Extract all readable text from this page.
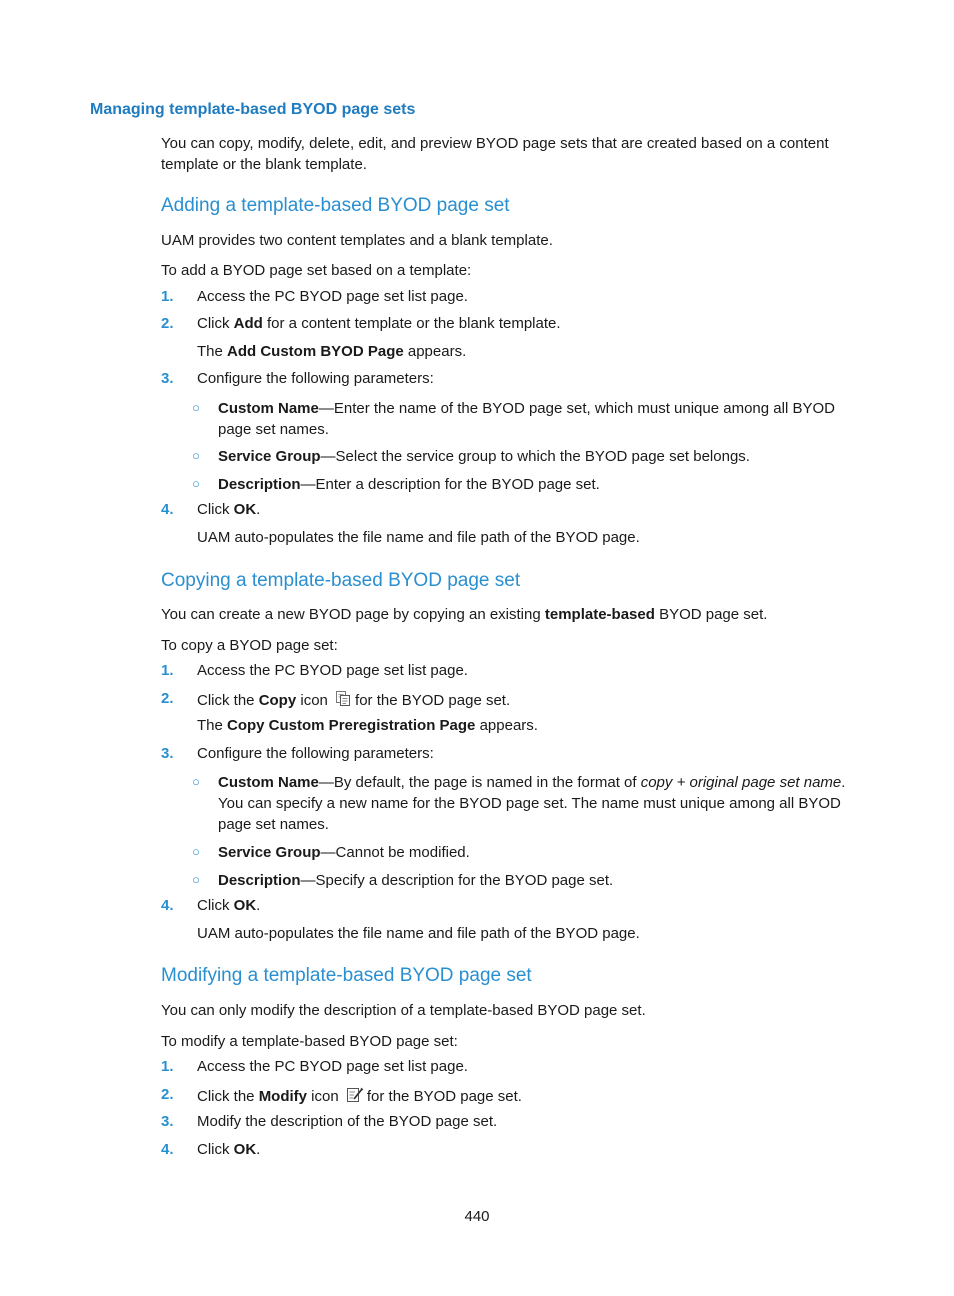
Managing template-based BYOD page sets
You can copy, modify, delete, edit, and preview BYOD page sets that are created based on a content template or the blank template.
Adding a template-based BYOD page set
UAM provides two content templates and a blank template.
To add a BYOD page set based on a template:
1.	Access the PC BYOD page set list page.
2.	Click Add for a content template or the blank template.
The Add Custom BYOD Page appears.
3.	Configure the following parameters:
○ Custom Name—Enter the name of the BYOD page set, which must unique among all BYOD page set names.
○ Service Group—Select the service group to which the BYOD page set belongs.
○ Description—Enter a description for the BYOD page set.
4.	Click OK.
UAM auto-populates the file name and file path of the BYOD page.
Copying a template-based BYOD page set
You can create a new BYOD page by copying an existing template-based BYOD page set.
To copy a BYOD page set:
1.	Access the PC BYOD page set list page.
2.	Click the Copy icon for the BYOD page set.
The Copy Custom Preregistration Page appears.
3.	Configure the following parameters:
○ Custom Name—By default, the page is named in the format of copy + original page set name. You can specify a new name for the BYOD page set. The name must unique among all BYOD page set names.
○ Service Group—Cannot be modified.
○ Description—Specify a description for the BYOD page set.
4.	Click OK.
UAM auto-populates the file name and file path of the BYOD page.
Modifying a template-based BYOD page set
You can only modify the description of a template-based BYOD page set.
To modify a template-based BYOD page set:
1.	Access the PC BYOD page set list page.
2.	Click the Modify icon for the BYOD page set.
3.	Modify the description of the BYOD page set.
4.	Click OK.
440
